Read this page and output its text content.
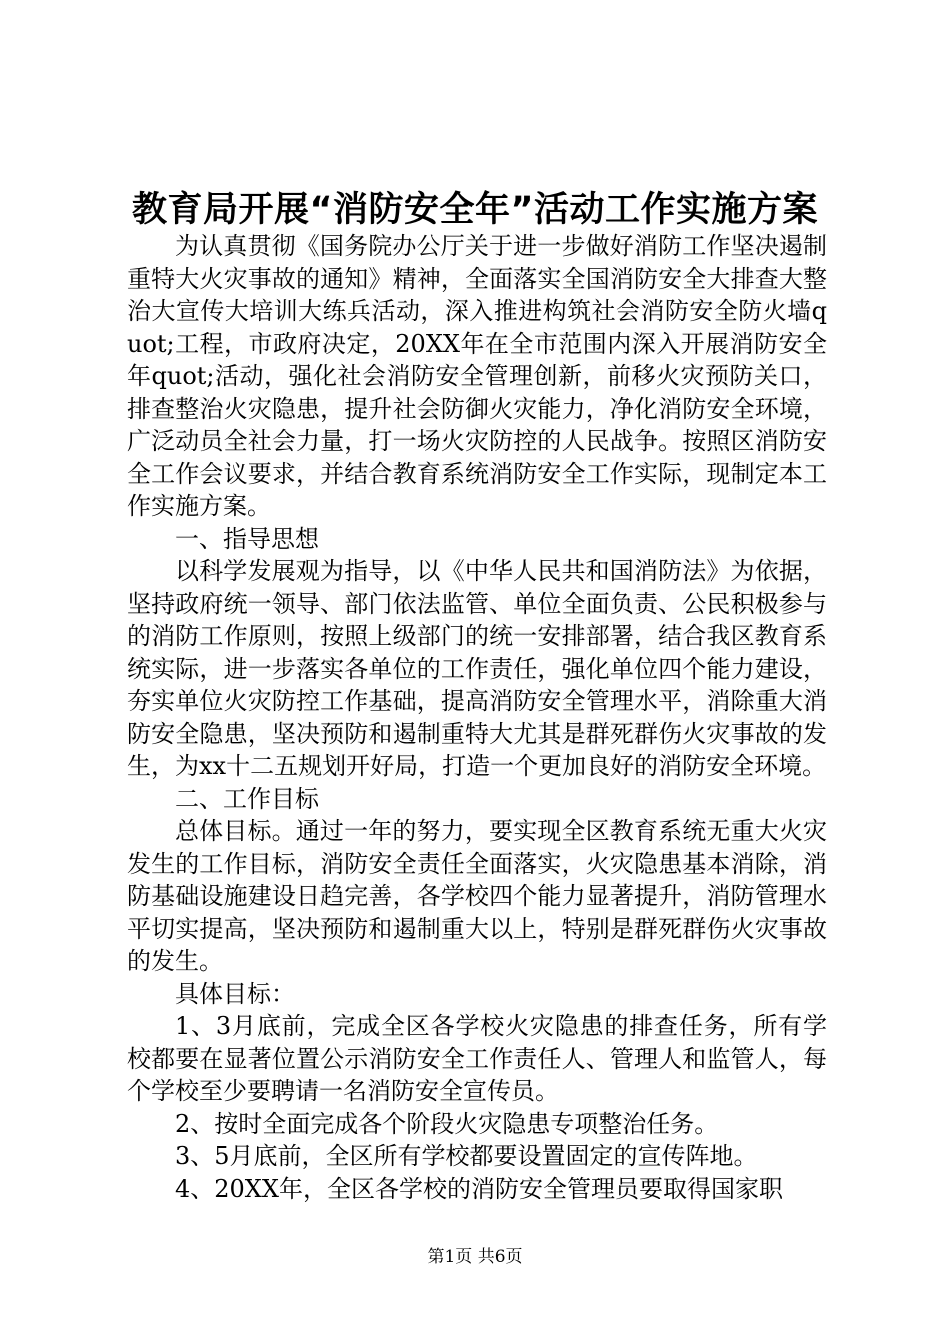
教育局开展“消防安全年”活动工作实施方案

为认真贯彻《国务院办公厅关于进一步做好消防工作坚决遏制重特大火灾事故的通知》精神，全面落实全国消防安全大排查大整治大宣传大培训大练兵活动，深入推进构筑社会消防安全防火墙quot;工程，市政府决定，20XX年在全市范围内深入开展消防安全年quot;活动，强化社会消防安全管理创新，前移火灾预防关口，排查整治火灾隐患，提升社会防御火灾能力，净化消防安全环境，广泛动员全社会力量，打一场火灾防控的人民战争。按照区消防安全工作会议要求，并结合教育系统消防安全工作实际，现制定本工作实施方案。

一、指导思想

以科学发展观为指导，以《中华人民共和国消防法》为依据，坚持政府统一领导、部门依法监管、单位全面负责、公民积极参与的消防工作原则，按照上级部门的统一安排部署，结合我区教育系统实际，进一步落实各单位的工作责任，强化单位四个能力建设，夯实单位火灾防控工作基础，提高消防安全管理水平，消除重大消防安全隐患，坚决预防和遏制重特大尤其是群死群伤火灾事故的发生，为xx十二五规划开好局，打造一个更加良好的消防安全环境。

二、工作目标

总体目标。通过一年的努力，要实现全区教育系统无重大火灾发生的工作目标，消防安全责任全面落实，火灾隐患基本消除，消防基础设施建设日趋完善，各学校四个能力显著提升，消防管理水平切实提高，坚决预防和遏制重大以上，特别是群死群伤火灾事故的发生。

具体目标：

1、3月底前，完成全区各学校火灾隐患的排查任务，所有学校都要在显著位置公示消防安全工作责任人、管理人和监管人，每个学校至少要聘请一名消防安全宣传员。

2、按时全面完成各个阶段火灾隐患专项整治任务。

3、5月底前，全区所有学校都要设置固定的宣传阵地。

4、20XX年，全区各学校的消防安全管理员要取得国家职

第1页 共6页
